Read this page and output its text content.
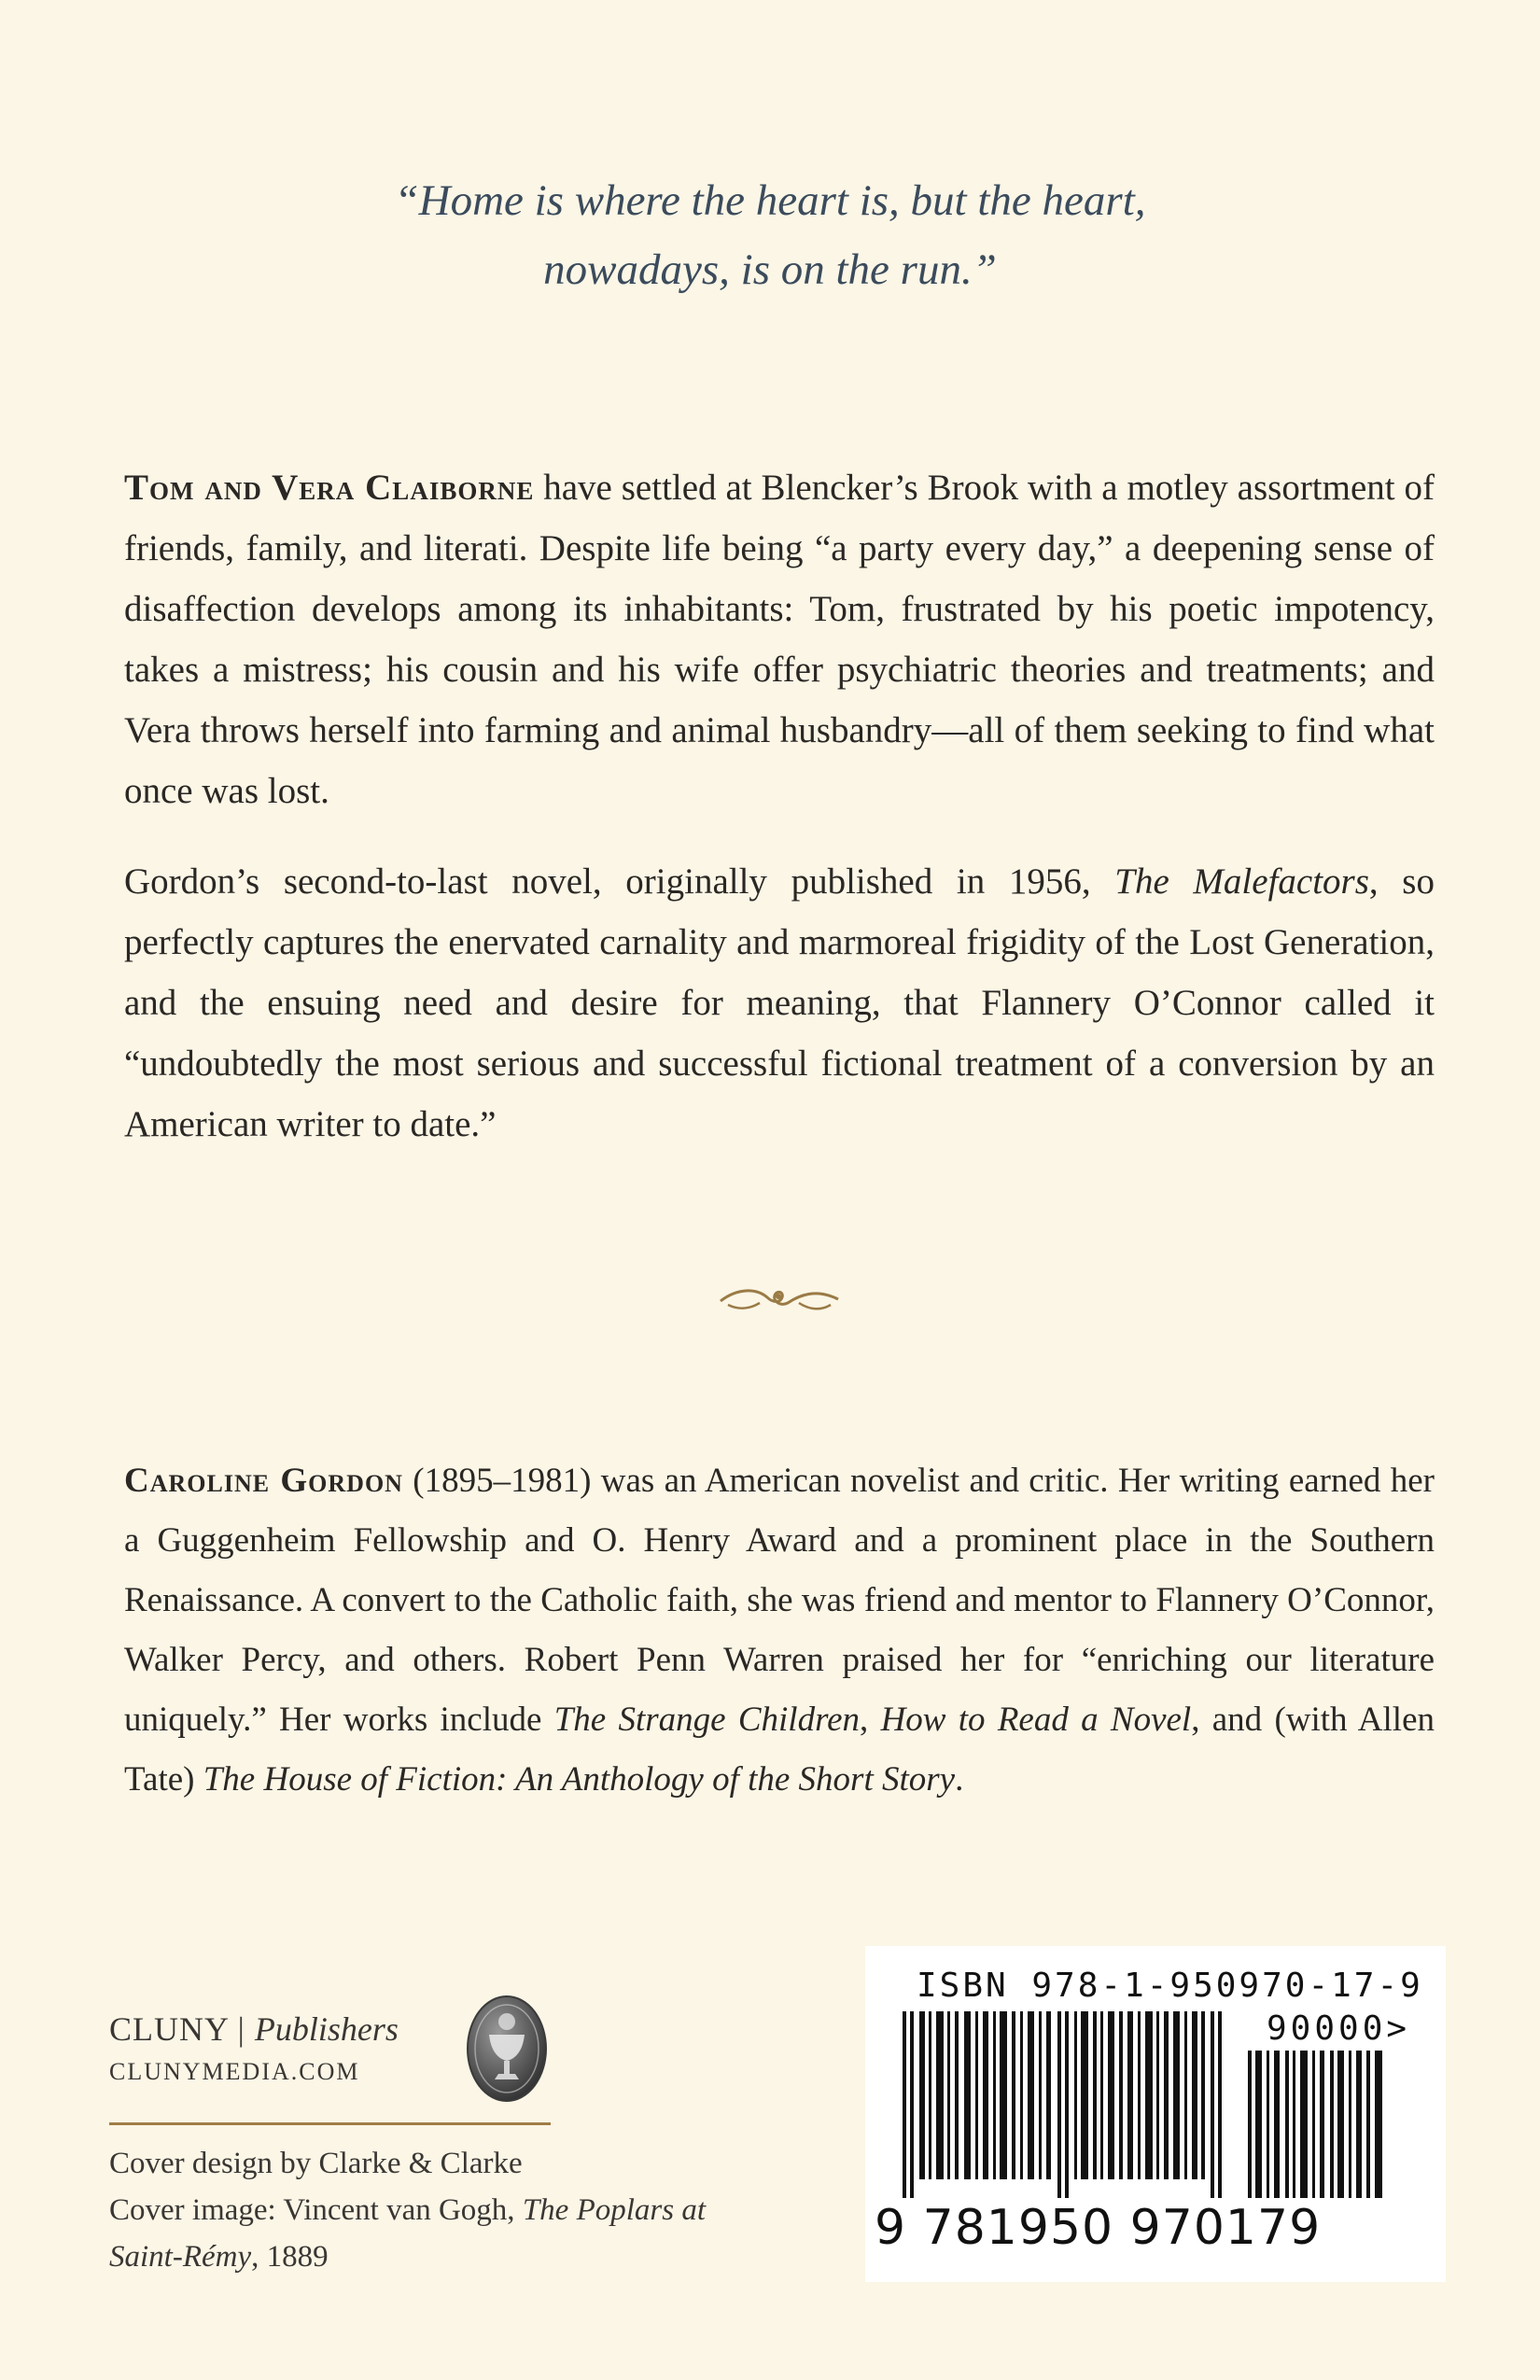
“Home is where the heart is, but the heart,
nowadays, is on the run.”

Tom and Vera Claiborne have settled at Blencker’s Brook with a motley assortment of friends, family, and literati. Despite life being “a party every day,” a deepening sense of disaffection develops among its inhabitants: Tom, frustrated by his poetic impotency, takes a mistress; his cousin and his wife offer psychiatric theories and treatments; and Vera throws herself into farming and animal husbandry—all of them seeking to find what once was lost.

Gordon’s second-to-last novel, originally published in 1956, The Malefactors, so perfectly captures the enervated carnality and marmoreal frigidity of the Lost Generation, and the ensuing need and desire for meaning, that Flannery O’Connor called it “undoubtedly the most serious and successful fictional treatment of a conversion by an American writer to date.”

Caroline Gordon (1895–1981) was an American novelist and critic. Her writing earned her a Guggenheim Fellowship and O. Henry Award and a prominent place in the Southern Renaissance. A convert to the Catholic faith, she was friend and mentor to Flannery O’Connor, Walker Percy, and others. Robert Penn Warren praised her for “enriching our literature uniquely.” Her works include The Strange Children, How to Read a Novel, and (with Allen Tate) The House of Fiction: An Anthology of the Short Story.

CLUNY | Publishers
CLUNYMEDIA.COM
Cover design by Clarke & Clarke
Cover image: Vincent van Gogh, The Poplars at Saint-Rémy, 1889
ISBN 978-1-950970-17-9
90000>
9 781950 970179
